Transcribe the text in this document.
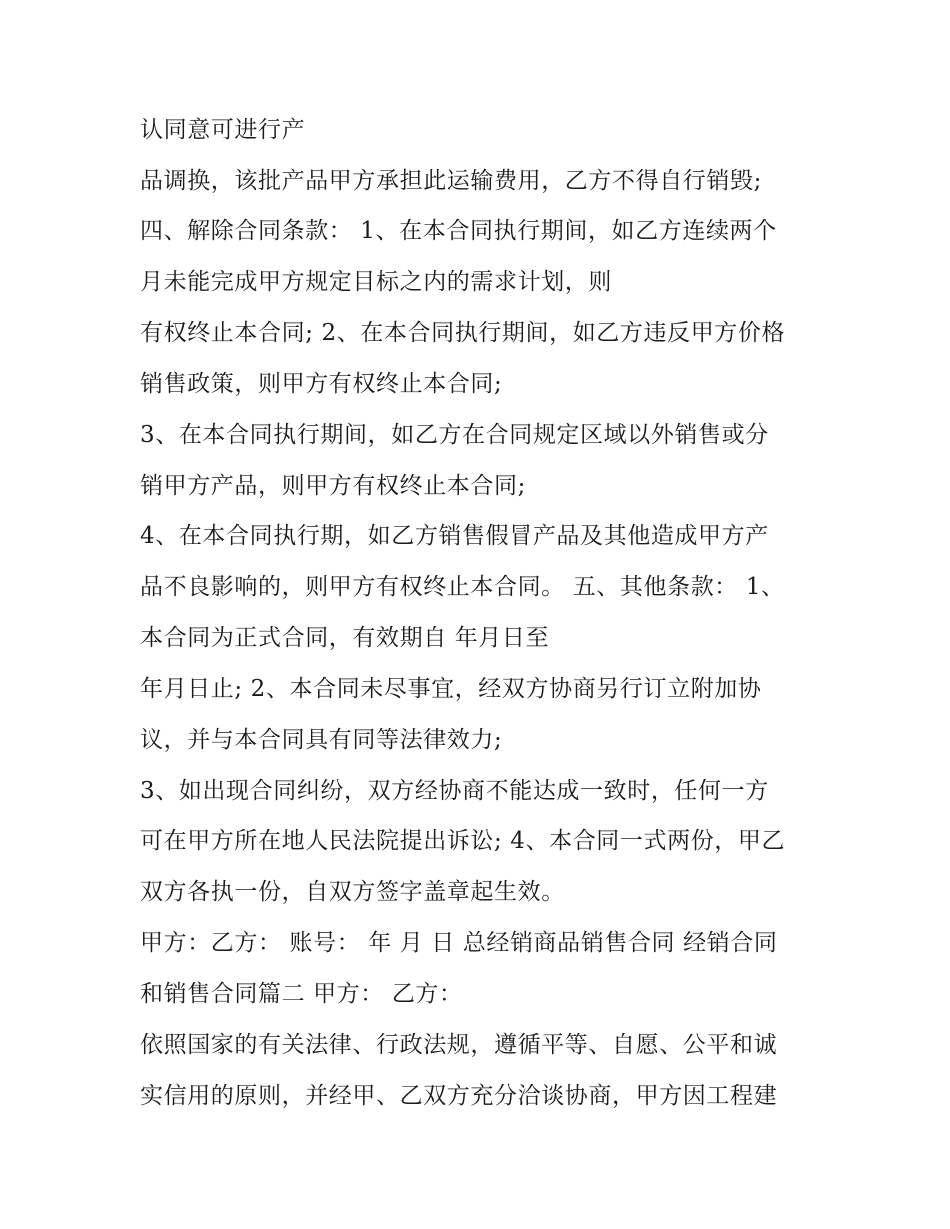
认同意可进行产

品调换，该批产品甲方承担此运输费用，乙方不得自行销毁;

四、解除合同条款： 1、在本合同执行期间，如乙方连续两个

月未能完成甲方规定目标之内的需求计划，则

有权终止本合同; 2、在本合同执行期间，如乙方违反甲方价格

销售政策，则甲方有权终止本合同;

3、在本合同执行期间，如乙方在合同规定区域以外销售或分

销甲方产品，则甲方有权终止本合同;

4、在本合同执行期，如乙方销售假冒产品及其他造成甲方产

品不良影响的，则甲方有权终止本合同。 五、其他条款： 1、

本合同为正式合同，有效期自 年月日至

年月日止; 2、本合同未尽事宜，经双方协商另行订立附加协

议，并与本合同具有同等法律效力;

3、如出现合同纠纷，双方经协商不能达成一致时，任何一方

可在甲方所在地人民法院提出诉讼; 4、本合同一式两份，甲乙

双方各执一份，自双方签字盖章起生效。

甲方：乙方： 账号： 年 月 日 总经销商品销售合同 经销合同

和销售合同篇二 甲方： 乙方：

依照国家的有关法律、行政法规，遵循平等、自愿、公平和诚

实信用的原则，并经甲、乙双方充分洽谈协商，甲方因工程建
